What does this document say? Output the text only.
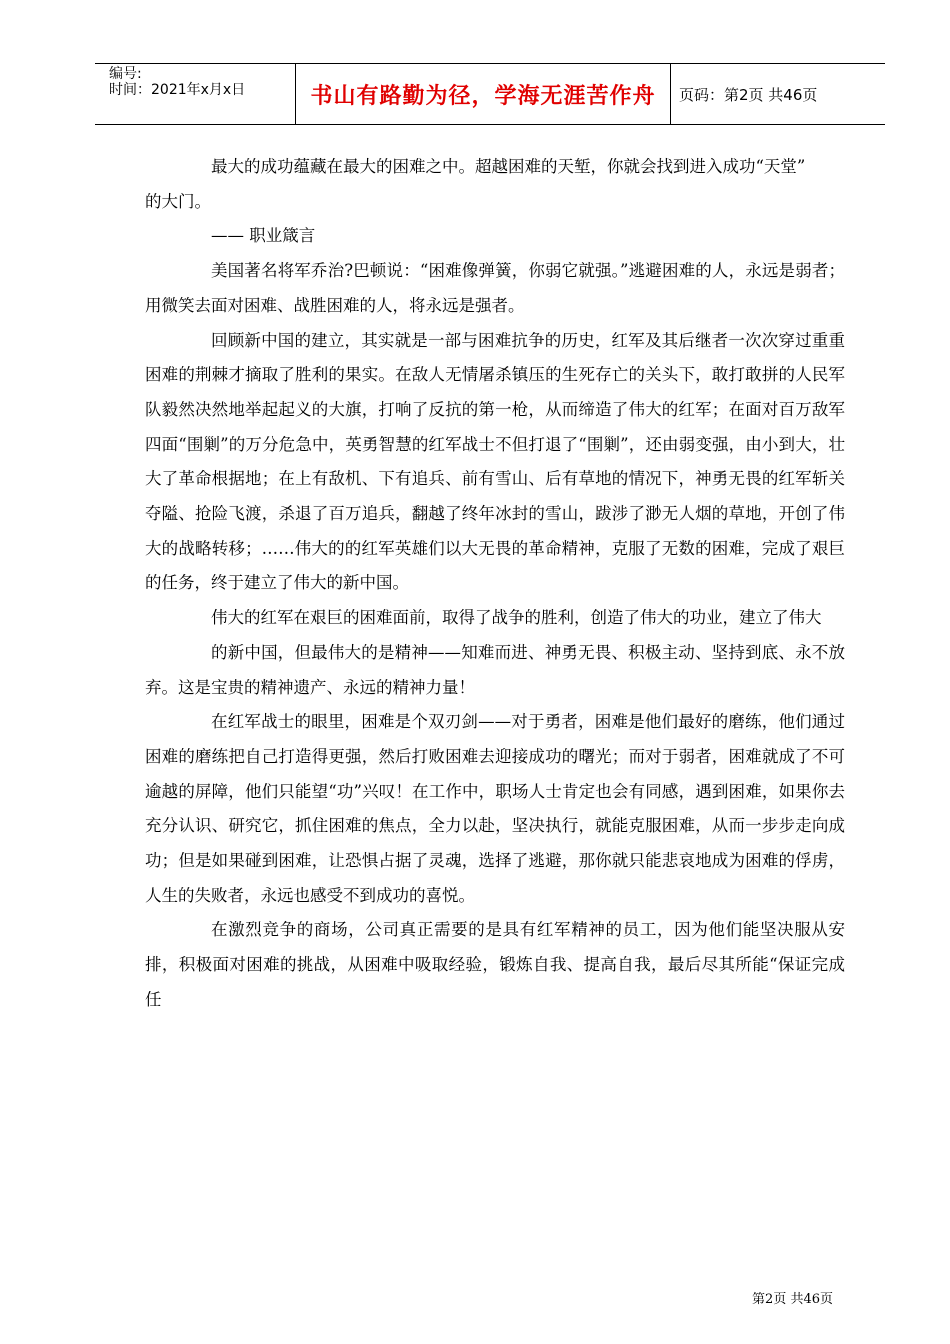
编号:
时间：2021年x月x日	书山有路勤为径，学海无涯苦作舟	页码：第2页 共46页

最大的成功蕴藏在最大的困难之中。超越困难的天堑，你就会找到进入成功“天堂”

的大门。

—— 职业箴言

美国著名将军乔治?巴顿说：“困难像弹簧，你弱它就强。”逃避困难的人，永远是弱者；用微笑去面对困难、战胜困难的人，将永远是强者。

回顾新中国的建立，其实就是一部与困难抗争的历史，红军及其后继者一次次穿过重重困难的荆棘才摘取了胜利的果实。在敌人无情屠杀镇压的生死存亡的关头下，敢打敢拼的人民军队毅然决然地举起起义的大旗，打响了反抗的第一枪，从而缔造了伟大的红军；在面对百万敌军四面“围剿”的万分危急中，英勇智慧的红军战士不但打退了“围剿”，还由弱变强，由小到大，壮大了革命根据地；在上有敌机、下有追兵、前有雪山、后有草地的情况下，神勇无畏的红军斩关夺隘、抢险飞渡，杀退了百万追兵，翻越了终年冰封的雪山，跋涉了渺无人烟的草地，开创了伟大的战略转移；……伟大的的红军英雄们以大无畏的革命精神，克服了无数的困难，完成了艰巨的任务，终于建立了伟大的新中国。

伟大的红军在艰巨的困难面前，取得了战争的胜利，创造了伟大的功业，建立了伟大

的新中国，但最伟大的是精神——知难而进、神勇无畏、积极主动、坚持到底、永不放弃。这是宝贵的精神遗产、永远的精神力量！

在红军战士的眼里，困难是个双刃剑——对于勇者，困难是他们最好的磨练，他们通过困难的磨练把自己打造得更强，然后打败困难去迎接成功的曙光；而对于弱者，困难就成了不可逾越的屏障，他们只能望“功”兴叹！在工作中，职场人士肯定也会有同感，遇到困难，如果你去充分认识、研究它，抓住困难的焦点，全力以赴，坚决执行，就能克服困难，从而一步步走向成功；但是如果碰到困难，让恐惧占据了灵魂，选择了逃避，那你就只能悲哀地成为困难的俘虏，人生的失败者，永远也感受不到成功的喜悦。

在激烈竞争的商场，公司真正需要的是具有红军精神的员工，因为他们能坚决服从安排，积极面对困难的挑战，从困难中吸取经验，锻炼自我、提高自我，最后尽其所能“保证完成任

第2页 共46页
